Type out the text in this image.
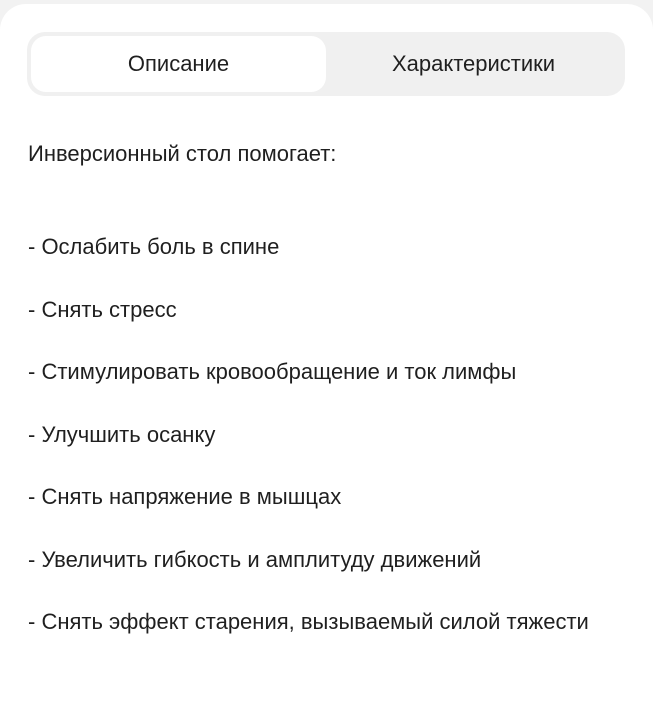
Описание	Характеристики

Инверсионный стол помогает:

- Ослабить боль в спине
- Снять стресс
- Стимулировать кровообращение и ток лимфы
- Улучшить осанку
- Снять напряжение в мышцах
- Увеличить гибкость и амплитуду движений
- Снять эффект старения, вызываемый силой тяжести
